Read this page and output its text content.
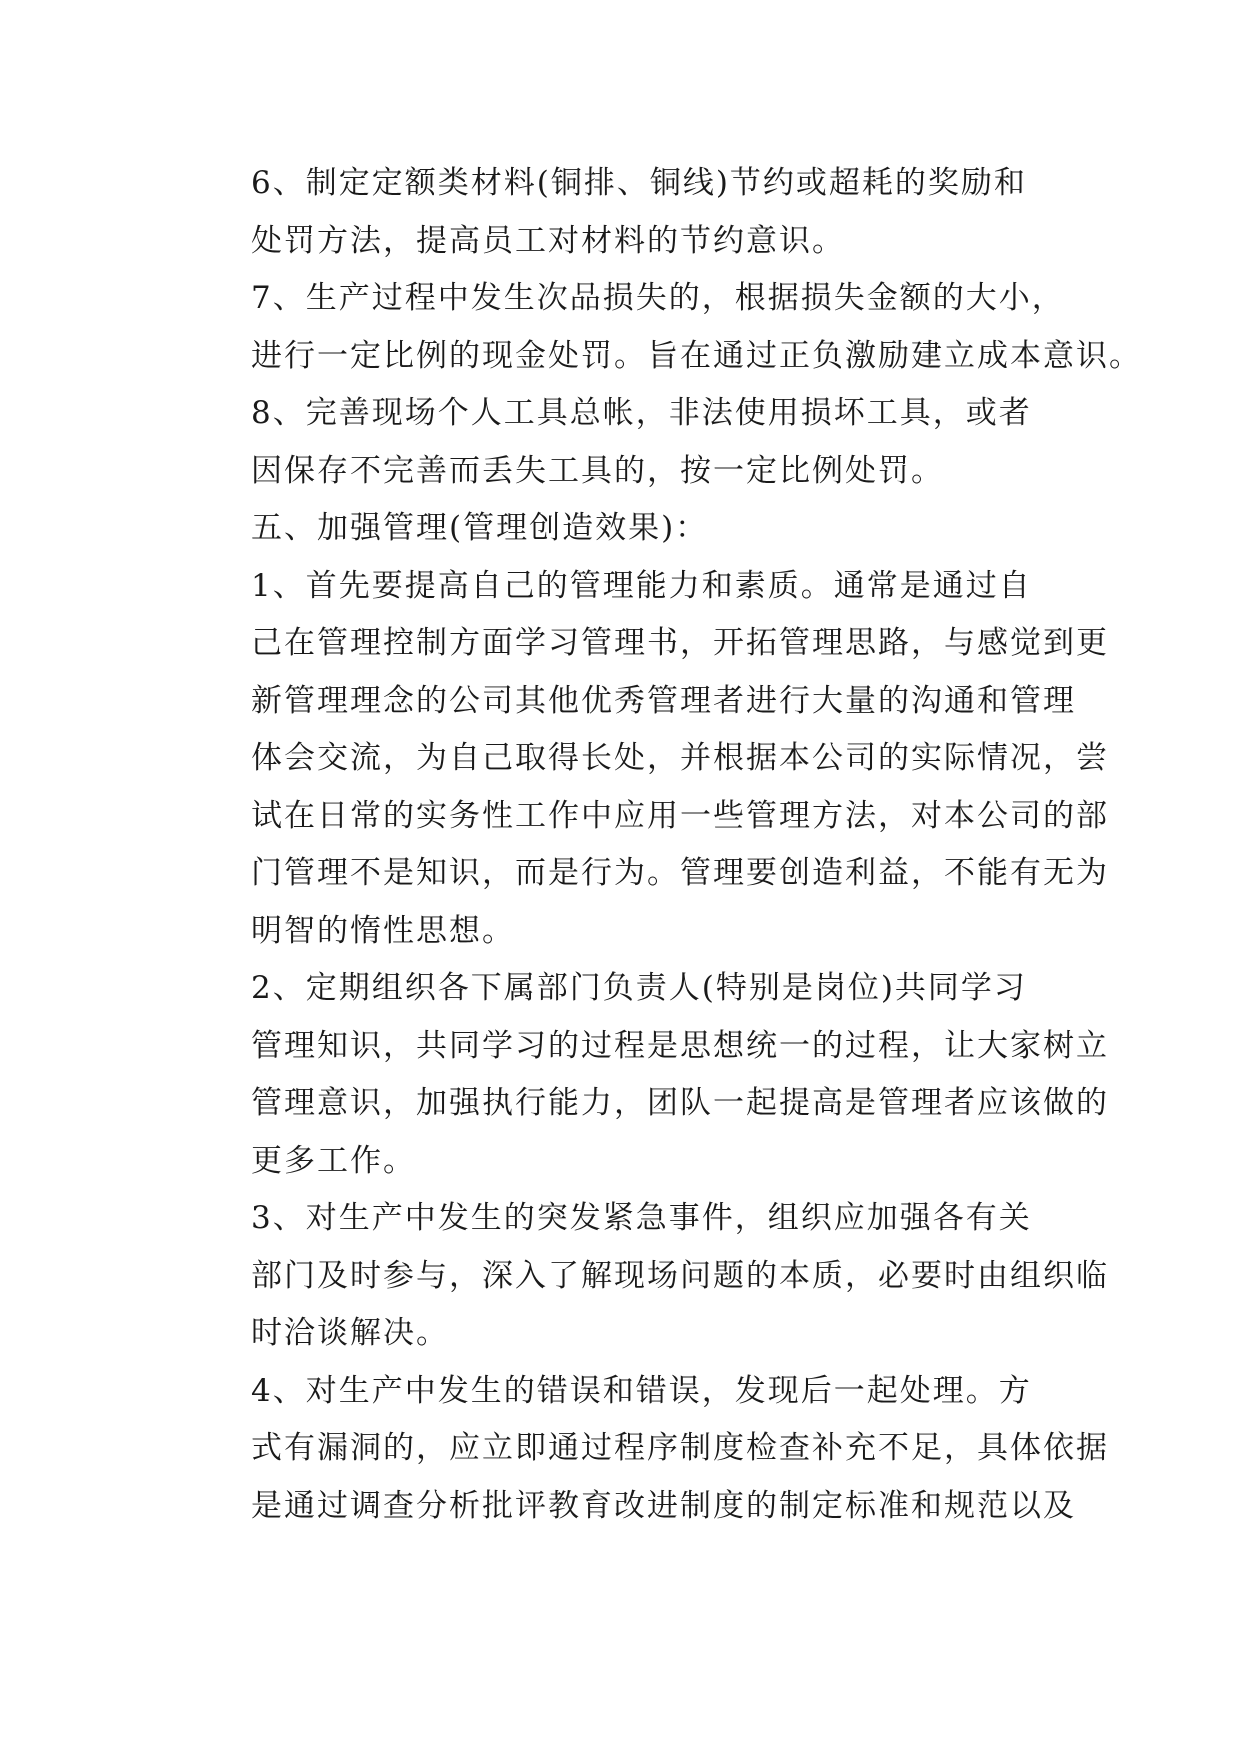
6、制定定额类材料(铜排、铜线)节约或超耗的奖励和
处罚方法，提高员工对材料的节约意识。

7、生产过程中发生次品损失的，根据损失金额的大小，
进行一定比例的现金处罚。旨在通过正负激励建立成本意识。

8、完善现场个人工具总帐，非法使用损坏工具，或者
因保存不完善而丢失工具的，按一定比例处罚。

五、加强管理(管理创造效果)：

1、首先要提高自己的管理能力和素质。通常是通过自
己在管理控制方面学习管理书，开拓管理思路，与感觉到更
新管理理念的公司其他优秀管理者进行大量的沟通和管理
体会交流，为自己取得长处，并根据本公司的实际情况，尝
试在日常的实务性工作中应用一些管理方法，对本公司的部
门管理不是知识，而是行为。管理要创造利益，不能有无为
明智的惰性思想。

2、定期组织各下属部门负责人(特别是岗位)共同学习
管理知识，共同学习的过程是思想统一的过程，让大家树立
管理意识，加强执行能力，团队一起提高是管理者应该做的
更多工作。

3、对生产中发生的突发紧急事件，组织应加强各有关
部门及时参与，深入了解现场问题的本质，必要时由组织临
时洽谈解决。

4、对生产中发生的错误和错误，发现后一起处理。方
式有漏洞的，应立即通过程序制度检查补充不足，具体依据
是通过调查分析批评教育改进制度的制定标准和规范以及
